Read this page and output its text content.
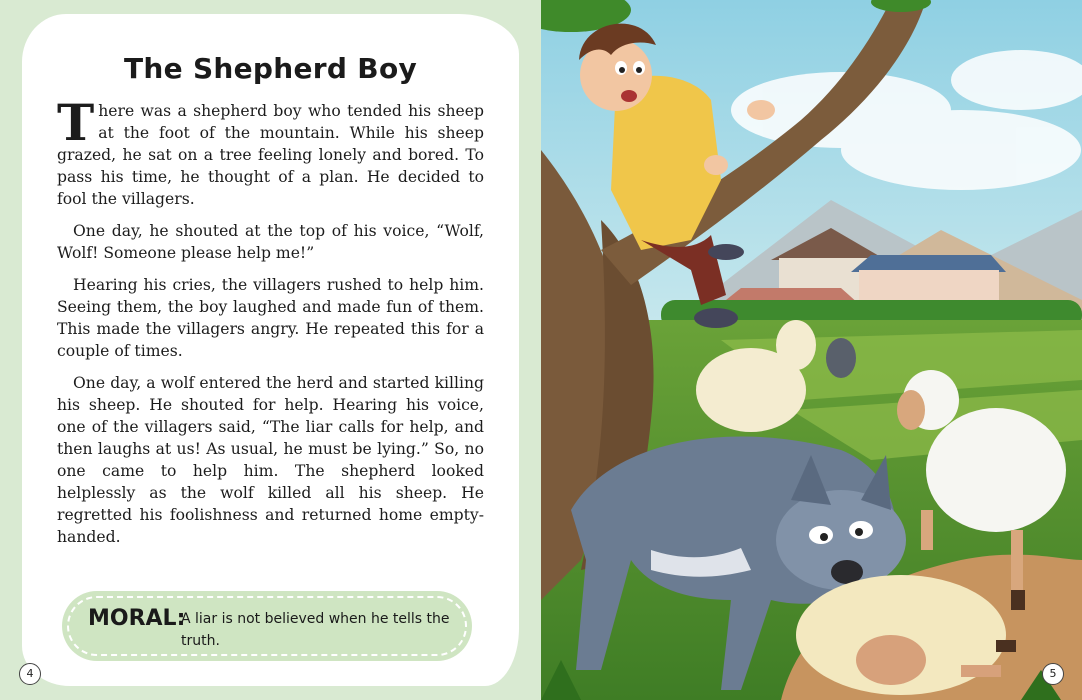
The Shepherd Boy

There was a shepherd boy who tended his sheep at the foot of the mountain. While his sheep grazed, he sat on a tree feeling lonely and bored. To pass his time, he thought of a plan. He decided to fool the villagers.

One day, he shouted at the top of his voice, “Wolf, Wolf! Someone please help me!”

Hearing his cries, the villagers rushed to help him. Seeing them, the boy laughed and made fun of them. This made the villagers angry. He repeated this for a couple of times.

One day, a wolf entered the herd and started killing his sheep. He shouted for help. Hearing his voice, one of the villagers said, “The liar calls for help, and then laughs at us! As usual, he must be lying.” So, no one came to help him. The shepherd looked helplessly as the wolf killed all his sheep. He regretted his foolishness and returned home empty-handed.

MORAL:
A liar is not believed when he tells the truth.
4	5
